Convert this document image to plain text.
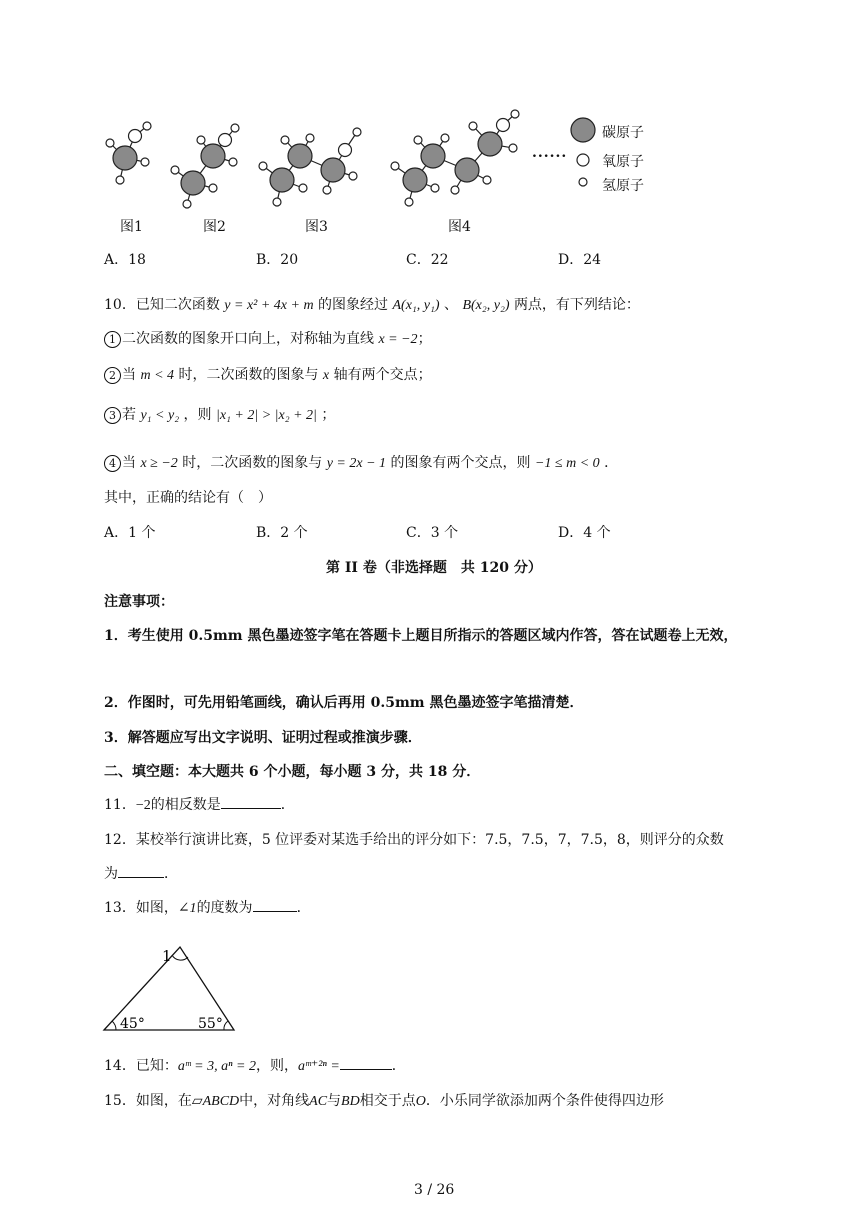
......
碳原子
氧原子
氢原子
图1	图2	图3	图4
A．18	B．20	C．22	D．24
10．已知二次函数 y = x² + 4x + m 的图象经过 A(x₁, y₁) 、 B(x₂, y₂) 两点，有下列结论：
1 二次函数的图象开口向上，对称轴为直线 x = −2；
2 当 m < 4 时，二次函数的图象与 x 轴有两个交点；
3 若 y₁ < y₂ ，则 |x₁ + 2| > |x₂ + 2| ；
4 当 x ≥ −2 时，二次函数的图象与 y = 2x − 1 的图象有两个交点，则 −1 ≤ m < 0 ．
其中，正确的结论有（　）
A．1 个	B．2 个	C．3 个	D．4 个
第 II 卷（非选择题　共 120 分）
注意事项：
1．考生使用 0.5mm 黑色墨迹签字笔在答题卡上题目所指示的答题区域内作答，答在试题卷上无效，
2．作图时，可先用铅笔画线，确认后再用 0.5mm 黑色墨迹签字笔描清楚．
3．解答题应写出文字说明、证明过程或推演步骤．
二、填空题：本大题共 6 个小题，每小题 3 分，共 18 分．
11．−2的相反数是	．
12．某校举行演讲比赛，5 位评委对某选手给出的评分如下：7.5，7.5，7，7.5，8，则评分的众数
为	．
13．如图，∠1的度数为	．
1
45°	55°
14．已知：aᵐ = 3, aⁿ = 2，则，aᵐ⁺²ⁿ =	．
15．如图，在▱ABCD中，对角线AC与BD相交于点O．小乐同学欲添加两个条件使得四边形
3 / 26
